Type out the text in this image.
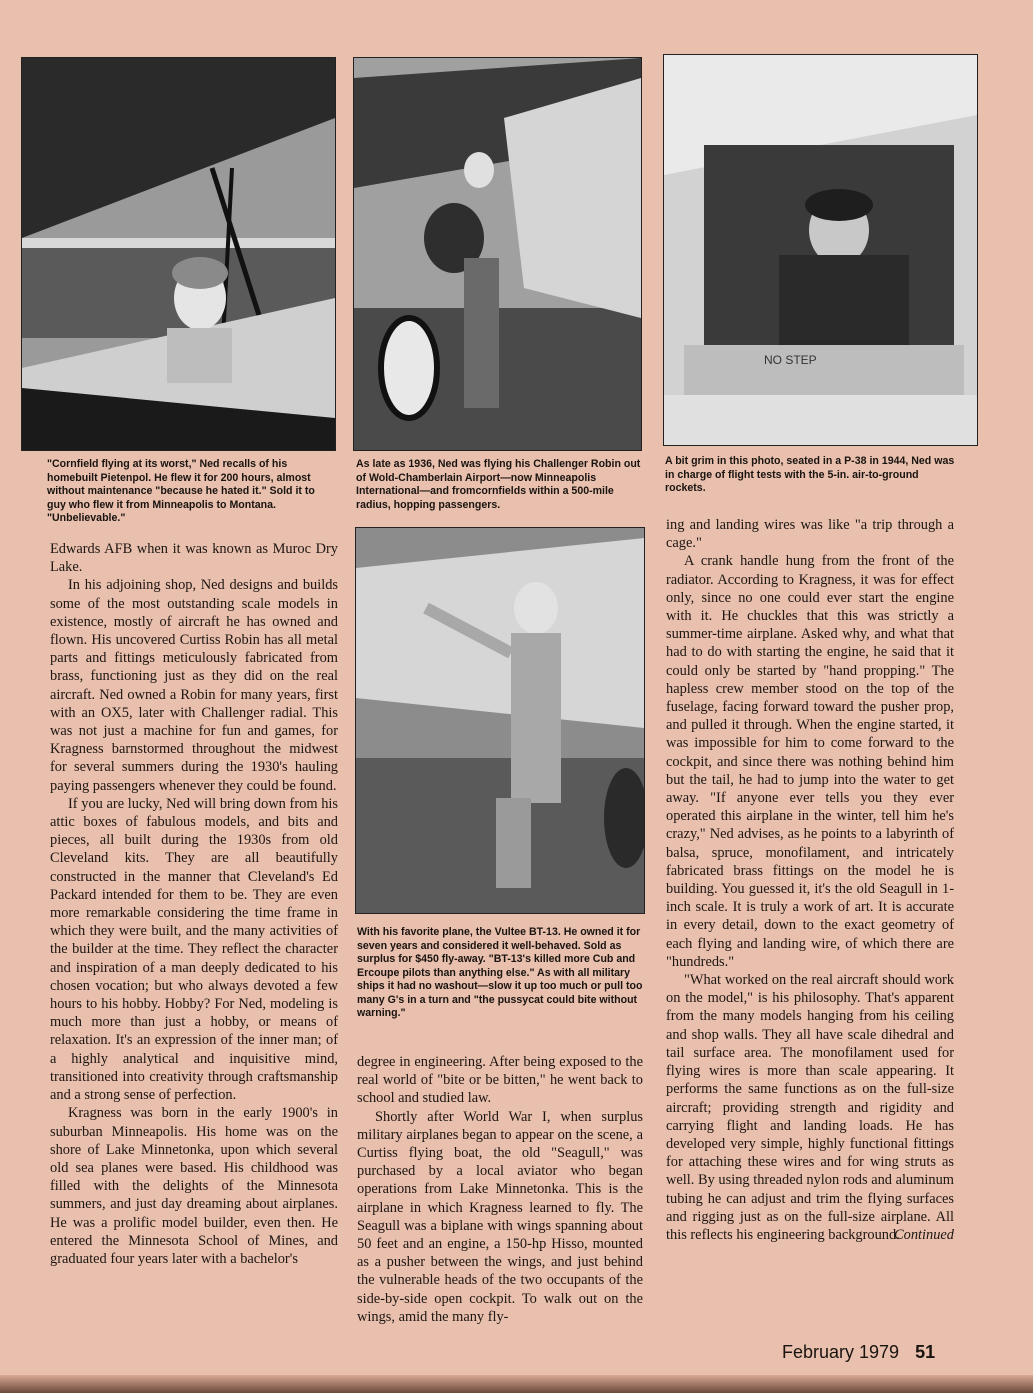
NO STEP

"Cornfield flying at its worst," Ned recalls of his homebuilt Pietenpol. He flew it for 200 hours, almost without maintenance "because he hated it." Sold it to guy who flew it from Minneapolis to Montana. "Unbelievable."

As late as 1936, Ned was flying his Challenger Robin out of Wold-Chamberlain Airport—now Minneapolis International—and fromcornfields within a 500-mile radius, hopping passengers.

A bit grim in this photo, seated in a P-38 in 1944, Ned was in charge of flight tests with the 5-in. air-to-ground rockets.

With his favorite plane, the Vultee BT-13. He owned it for seven years and considered it well-behaved. Sold as surplus for $450 fly-away. "BT-13's killed more Cub and Ercoupe pilots than anything else." As with all military ships it had no washout—slow it up too much or pull too many G's in a turn and "the pussycat could bite without warning."

Edwards AFB when it was known as Muroc Dry Lake.

In his adjoining shop, Ned designs and builds some of the most outstanding scale models in existence, mostly of aircraft he has owned and flown. His uncovered Curtiss Robin has all metal parts and fittings meticulously fabricated from brass, functioning just as they did on the real aircraft. Ned owned a Robin for many years, first with an OX5, later with Challenger radial. This was not just a machine for fun and games, for Kragness barnstormed throughout the midwest for several summers during the 1930's hauling paying passengers whenever they could be found.

If you are lucky, Ned will bring down from his attic boxes of fabulous models, and bits and pieces, all built during the 1930s from old Cleveland kits. They are all beautifully constructed in the manner that Cleveland's Ed Packard intended for them to be. They are even more remarkable considering the time frame in which they were built, and the many activities of the builder at the time. They reflect the character and inspiration of a man deeply dedicated to his chosen vocation; but who always devoted a few hours to his hobby. Hobby? For Ned, modeling is much more than just a hobby, or means of relaxation. It's an expression of the inner man; of a highly analytical and inquisitive mind, transitioned into creativity through craftsmanship and a strong sense of perfection.

Kragness was born in the early 1900's in suburban Minneapolis. His home was on the shore of Lake Minnetonka, upon which several old sea planes were based. His childhood was filled with the delights of the Minnesota summers, and just day dreaming about airplanes. He was a prolific model builder, even then. He entered the Minnesota School of Mines, and graduated four years later with a bachelor's

degree in engineering. After being exposed to the real world of "bite or be bitten," he went back to school and studied law.

Shortly after World War I, when surplus military airplanes began to appear on the scene, a Curtiss flying boat, the old "Seagull," was purchased by a local aviator who began operations from Lake Minnetonka. This is the airplane in which Kragness learned to fly. The Seagull was a biplane with wings spanning about 50 feet and an engine, a 150-hp Hisso, mounted as a pusher between the wings, and just behind the vulnerable heads of the two occupants of the side-by-side open cockpit. To walk out on the wings, amid the many fly-

ing and landing wires was like "a trip through a cage."

A crank handle hung from the front of the radiator. According to Kragness, it was for effect only, since no one could ever start the engine with it. He chuckles that this was strictly a summer-time airplane. Asked why, and what that had to do with starting the engine, he said that it could only be started by "hand propping." The hapless crew member stood on the top of the fuselage, facing forward toward the pusher prop, and pulled it through. When the engine started, it was impossible for him to come forward to the cockpit, and since there was nothing behind him but the tail, he had to jump into the water to get away. "If anyone ever tells you they ever operated this airplane in the winter, tell him he's crazy," Ned advises, as he points to a labyrinth of balsa, spruce, monofilament, and intricately fabricated brass fittings on the model he is building. You guessed it, it's the old Seagull in 1-inch scale. It is truly a work of art. It is accurate in every detail, down to the exact geometry of each flying and landing wire, of which there are "hundreds."

"What worked on the real aircraft should work on the model," is his philosophy. That's apparent from the many models hanging from his ceiling and shop walls. They all have scale dihedral and tail surface area. The monofilament used for flying wires is more than scale appearing. It performs the same functions as on the full-size aircraft; providing strength and rigidity and carrying flight and landing loads. He has developed very simple, highly functional fittings for attaching these wires and for wing struts as well. By using threaded nylon rods and aluminum tubing he can adjust and trim the flying surfaces and rigging just as on the full-size airplane. All this reflects his engineering background.

Continued

February 1979 51
